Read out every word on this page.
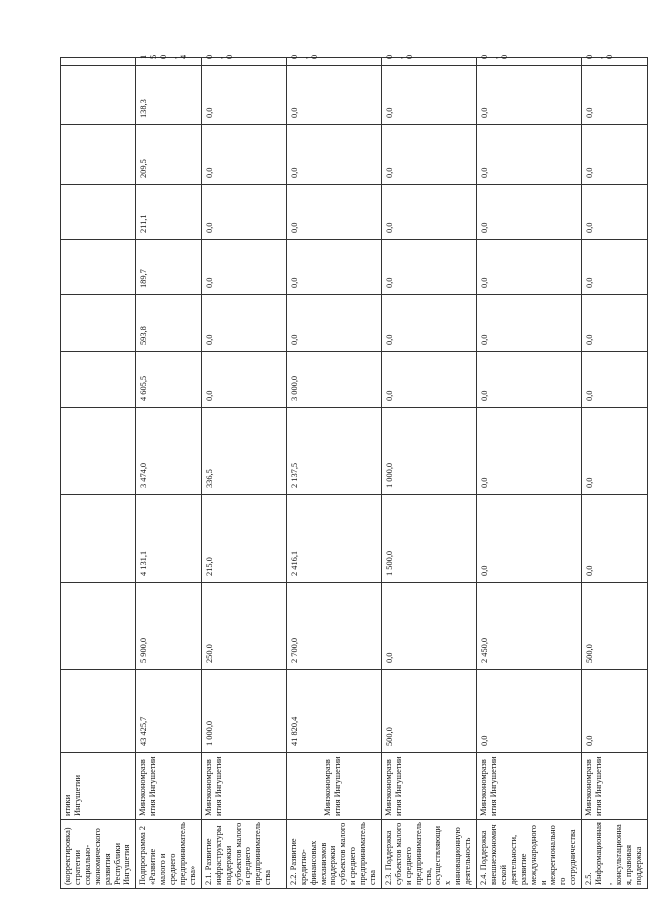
(корректировка) стратегии социально-экономического развития Республики Ингушетия	итики Ингушетии											
Подпрограмма 2 «Развитие малого и среднего предпринимательства»	Минэкономразв ития Ингушетии	43 425,7	5 900,0	4 131,1	3 474,0	4 605,5	593,8	189,7	211,1	209,5	138,3	150,4
2.1. Развитие инфраструктуры поддержки субъектов малого и среднего предпринимательства	Минэкономразв ития Ингушетии	1 000,0	250,0	215,0	336,5	0,0	0,0	0,0	0,0	0,0	0,0	0,0
2.2. Развитие кредитно-финансовых механизмов поддержки субъектов малого и среднего предпринимательства	Минэкономразв ития Ингушетии	41 820,4	2 700,0	2 416,1	2 137,5	3 000,0	0,0	0,0	0,0	0,0	0,0	0,0
2.3. Поддержка субъектов малого и среднего предпринимательства, осуществляющих инновационную деятельность	Минэкономразв ития Ингушетии	500,0	0,0	1 500,0	1 000,0	0,0	0,0	0,0	0,0	0,0	0,0	0,0
2.4. Поддержка внешнеэкономической деятельности, развитие международного и межрегионального сотрудничества	Минэкономразв ития Ингушетии	0,0	2 450,0	0,0	0,0	0,0	0,0	0,0	0,0	0,0	0,0	0,0
2.5. Информационная, консультационная, правовая поддержка	Минэкономразв ития Ингушетии	0,0	500,0	0,0	0,0	0,0	0,0	0,0	0,0	0,0	0,0	0,0
